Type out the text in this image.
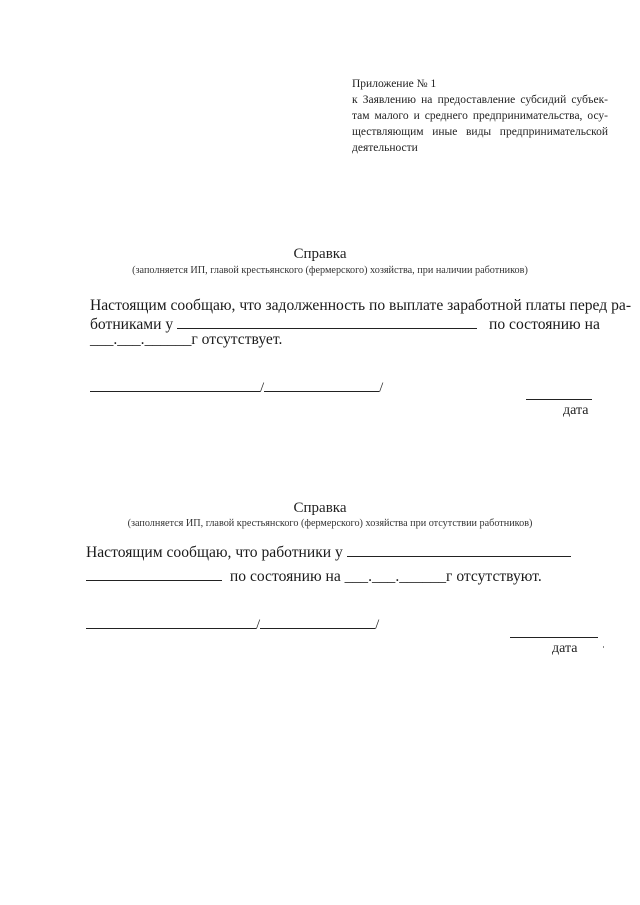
Приложение № 1
к Заявлению на предоставление субсидий субъек-
там малого и среднего предпринимательства, осу-
ществляющим иные виды предпринимательской
деятельности
Справка
(заполняется ИП, главой крестьянского (фермерского) хозяйства, при наличии работников)
Настоящим сообщаю, что задолженность по выплате заработной платы перед ра-
ботниками у	по состоянию на
___.___.______г отсутствует.
/	/
дата
Справка
(заполняется ИП, главой крестьянского (фермерского) хозяйства при отсутствии работников)
Настоящим сообщаю, что работники у
по состоянию на ___.___.______г отсутствуют.
/	/
дата
